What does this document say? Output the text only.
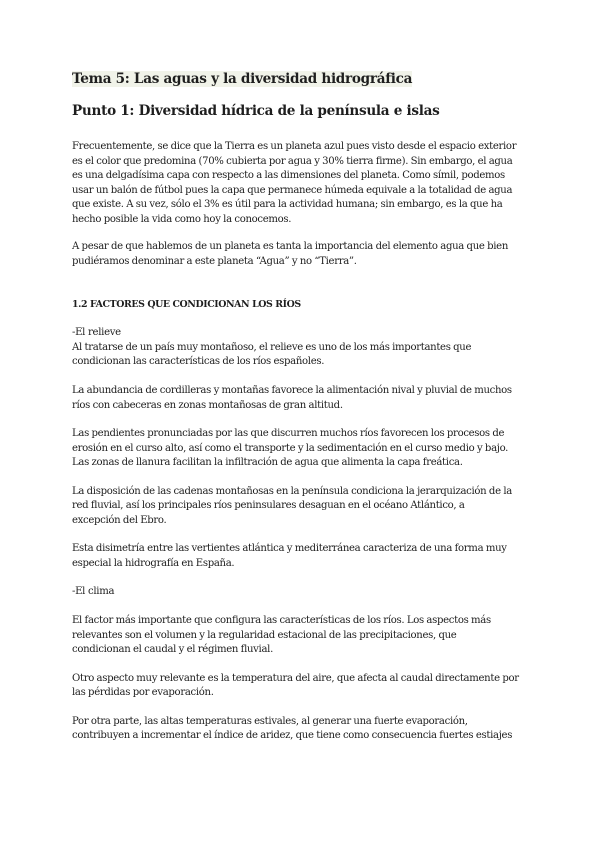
Tema 5: Las aguas y la diversidad hidrográfica
Punto 1: Diversidad hídrica de la península e islas

Frecuentemente, se dice que la Tierra es un planeta azul pues visto desde el espacio exterior
es el color que predomina (70% cubierta por agua y 30% tierra firme). Sin embargo, el agua
es una delgadísima capa con respecto a las dimensiones del planeta. Como símil, podemos
usar un balón de fútbol pues la capa que permanece húmeda equivale a la totalidad de agua
que existe. A su vez, sólo el 3% es útil para la actividad humana; sin embargo, es la que ha
hecho posible la vida como hoy la conocemos.

A pesar de que hablemos de un planeta es tanta la importancia del elemento agua que bien
pudiéramos denominar a este planeta “Agua” y no “Tierra”.

1.2 FACTORES QUE CONDICIONAN LOS RÍOS

-El relieve

Al tratarse de un país muy montañoso, el relieve es uno de los más importantes que
condicionan las características de los ríos españoles.

La abundancia de cordilleras y montañas favorece la alimentación nival y pluvial de muchos
ríos con cabeceras en zonas montañosas de gran altitud.

Las pendientes pronunciadas por las que discurren muchos ríos favorecen los procesos de
erosión en el curso alto, así como el transporte y la sedimentación en el curso medio y bajo.
Las zonas de llanura facilitan la infiltración de agua que alimenta la capa freática.

La disposición de las cadenas montañosas en la península condiciona la jerarquización de la
red fluvial, así los principales ríos peninsulares desaguan en el océano Atlántico, a
excepción del Ebro.

Esta disimetría entre las vertientes atlántica y mediterránea caracteriza de una forma muy
especial la hidrografía en España.

-El clima

El factor más importante que configura las características de los ríos. Los aspectos más
relevantes son el volumen y la regularidad estacional de las precipitaciones, que
condicionan el caudal y el régimen fluvial.

Otro aspecto muy relevante es la temperatura del aire, que afecta al caudal directamente por
las pérdidas por evaporación.

Por otra parte, las altas temperaturas estivales, al generar una fuerte evaporación,
contribuyen a incrementar el índice de aridez, que tiene como consecuencia fuertes estiajes
